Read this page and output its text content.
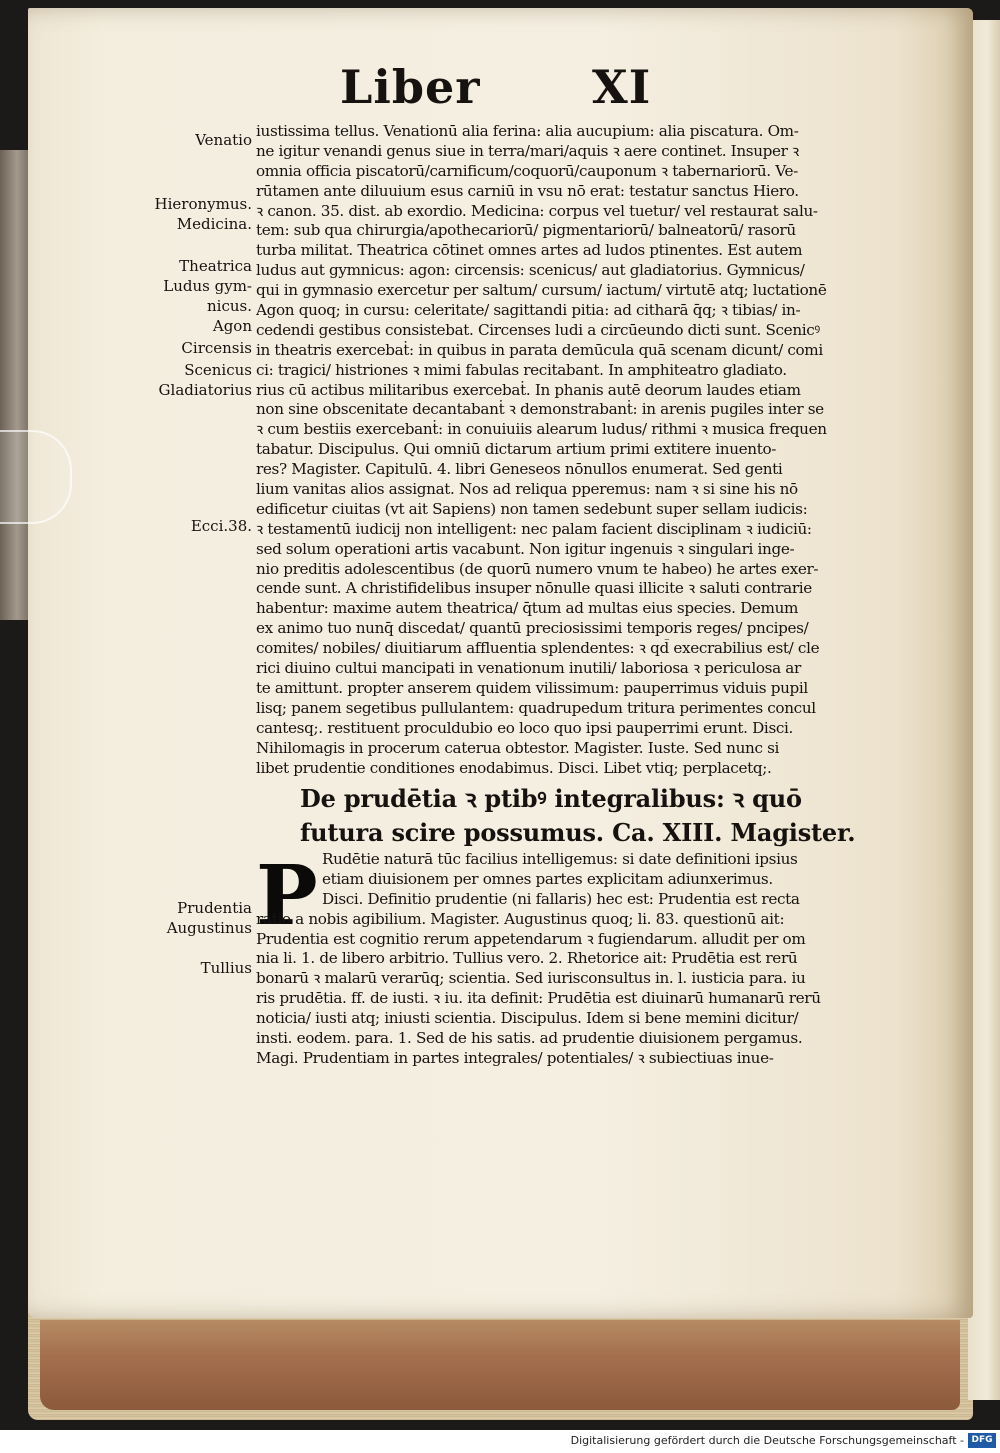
Liber XI
Venatio
Hieronymus.
Medicina.
Theatrica
Ludus gym-
nicus.
Agon
Circensis
Scenicus
Gladiatorius
Ecci.38.
iustissima tellus. Venationū alia ferina: alia aucupium: alia piscatura. Om-
ne igitur venandi genus siue in terra/mari/aquis ꝛ aere continet. Insuper ꝛ
omnia officia piscatorū/carnificum/coquorū/cauponum ꝛ tabernariorū. Ve-
rūtamen ante diluuium esus carniū in vsu nō erat: testatur sanctus Hiero.
ꝛ canon. 35. dist. ab exordio. Medicina: corpus vel tuetur/ vel restaurat salu-
tem: sub qua chirurgia/apothecariorū/ pigmentariorū/ balneatorū/ rasorū
turba militat. Theatrica cōtinet omnes artes ad ludos ptinentes. Est autem
ludus aut gymnicus: agon: circensis: scenicus/ aut gladiatorius. Gymnicus/
qui in gymnasio exercetur per saltum/ cursum/ iactum/ virtutē atq; luctationē
Agon quoq; in cursu: celeritate/ sagittandi pitia: ad citharā q̄q; ꝛ tibias/ in-
cedendi gestibus consistebat. Circenses ludi a circūeundo dicti sunt. Scenicꝰ
in theatris exercebaṫ: in quibus in parata demūcula quā scenam dicunt/ comi
ci: tragici/ histriones ꝛ mimi fabulas recitabant. In amphiteatro gladiato.
rius cū actibus militaribus exercebaṫ. In phanis autē deorum laudes etiam
non sine obscenitate decantabanṫ ꝛ demonstrabanṫ: in arenis pugiles inter se
ꝛ cum bestiis exercebanṫ: in conuiuiis alearum ludus/ rithmi ꝛ musica frequen
tabatur. Discipulus. Qui omniū dictarum artium primi extitere inuento-
res? Magister. Capitulū. 4. libri Geneseos nōnullos enumerat. Sed genti
lium vanitas alios assignat. Nos ad reliqua pperemus: nam ꝛ si sine his nō
edificetur ciuitas (vt ait Sapiens) non tamen sedebunt super sellam iudicis:
ꝛ testamentū iudicij non intelligent: nec palam facient disciplinam ꝛ iudiciū:
sed solum operationi artis vacabunt. Non igitur ingenuis ꝛ singulari inge-
nio preditis adolescentibus (de quorū numero vnum te habeo) he artes exer-
cende sunt. A christifidelibus insuper nōnulle quasi illicite ꝛ saluti contrarie
habentur: maxime autem theatrica/ q̄tum ad multas eius species. Demum
ex animo tuo nunq̄ discedat/ quantū preciosissimi temporis reges/ pncipes/
comites/ nobiles/ diuitiarum affluentia splendentes: ꝛ qd̄ execrabilius est/ cle
rici diuino cultui mancipati in venationum inutili/ laboriosa ꝛ periculosa ar
te amittunt. propter anserem quidem vilissimum: pauperrimus viduis pupil
lisq; panem segetibus pullulantem: quadrupedum tritura perimentes concul
cantesq;. restituent proculdubio eo loco quo ipsi pauperrimi erunt. Disci.
Nihilomagis in procerum caterua obtestor. Magister. Iuste. Sed nunc si
libet prudentie conditiones enodabimus. Disci. Libet vtiq; perplacetq;.
De prudētia ꝛ ptibꝰ integralibus: ꝛ quō
futura scire possumus. Ca. XIII. Magister.
P
Prudentia
Augustinus
Tullius
Rudētie naturā tūc facilius intelligemus: si date definitioni ipsius
etiam diuisionem per omnes partes explicitam adiunxerimus.
Disci. Definitio prudentie (ni fallaris) hec est: Prudentia est recta
ratio a nobis agibilium. Magister. Augustinus quoq; li. 83. questionū ait:
Prudentia est cognitio rerum appetendarum ꝛ fugiendarum. alludit per om
nia li. 1. de libero arbitrio. Tullius vero. 2. Rhetorice ait: Prudētia est rerū
bonarū ꝛ malarū verarūq; scientia. Sed iurisconsultus in. l. iusticia para. iu
ris prudētia. ff. de iusti. ꝛ iu. ita definit: Prudētia est diuinarū humanarū rerū
noticia/ iusti atq; iniusti scientia. Discipulus. Idem si bene memini dicitur/
insti. eodem. para. 1. Sed de his satis. ad prudentie diuisionem pergamus.
Magi. Prudentiam in partes integrales/ potentiales/ ꝛ subiectiuas inue-
Digitalisierung gefördert durch die Deutsche Forschungsgemeinschaft - DFG
